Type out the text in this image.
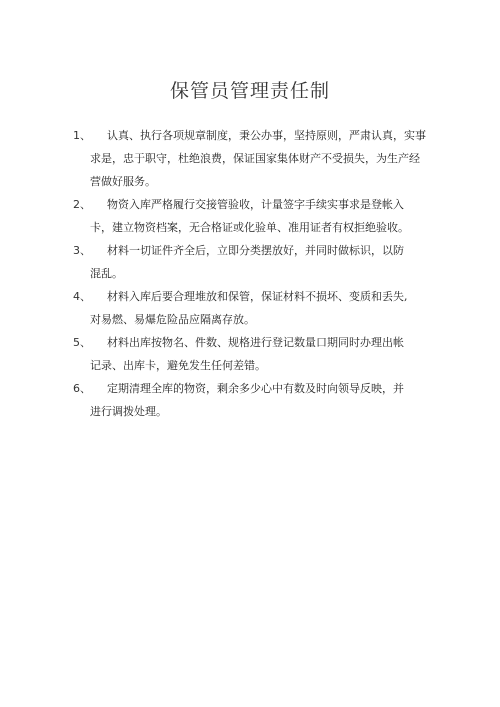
保管员管理责任制
1、	认真、执行各项规章制度，秉公办事，坚持原则，严肃认真，实事
求是，忠于职守，杜绝浪费，保证国家集体财产不受损失，为生产经
营做好服务。
2、	物资入库严格履行交接管验收，计量签字手续实事求是登帐入
卡，建立物资档案，无合格证或化验单、准用证者有权拒绝验收。
3、	材料一切证件齐全后，立即分类摆放好，并同时做标识，以防
混乱。
4、	材料入库后要合理堆放和保管，保证材料不损坏、变质和丢失,
对易燃、易爆危险品应隔离存放。
5、	材料出库按物名、件数、规格进行登记数量口期同时办理出帐
记录、出库卡，避免发生任何差错。
6、	定期清理全库的物资，剩余多少心中有数及时向领导反映，并
进行调拨处理。
